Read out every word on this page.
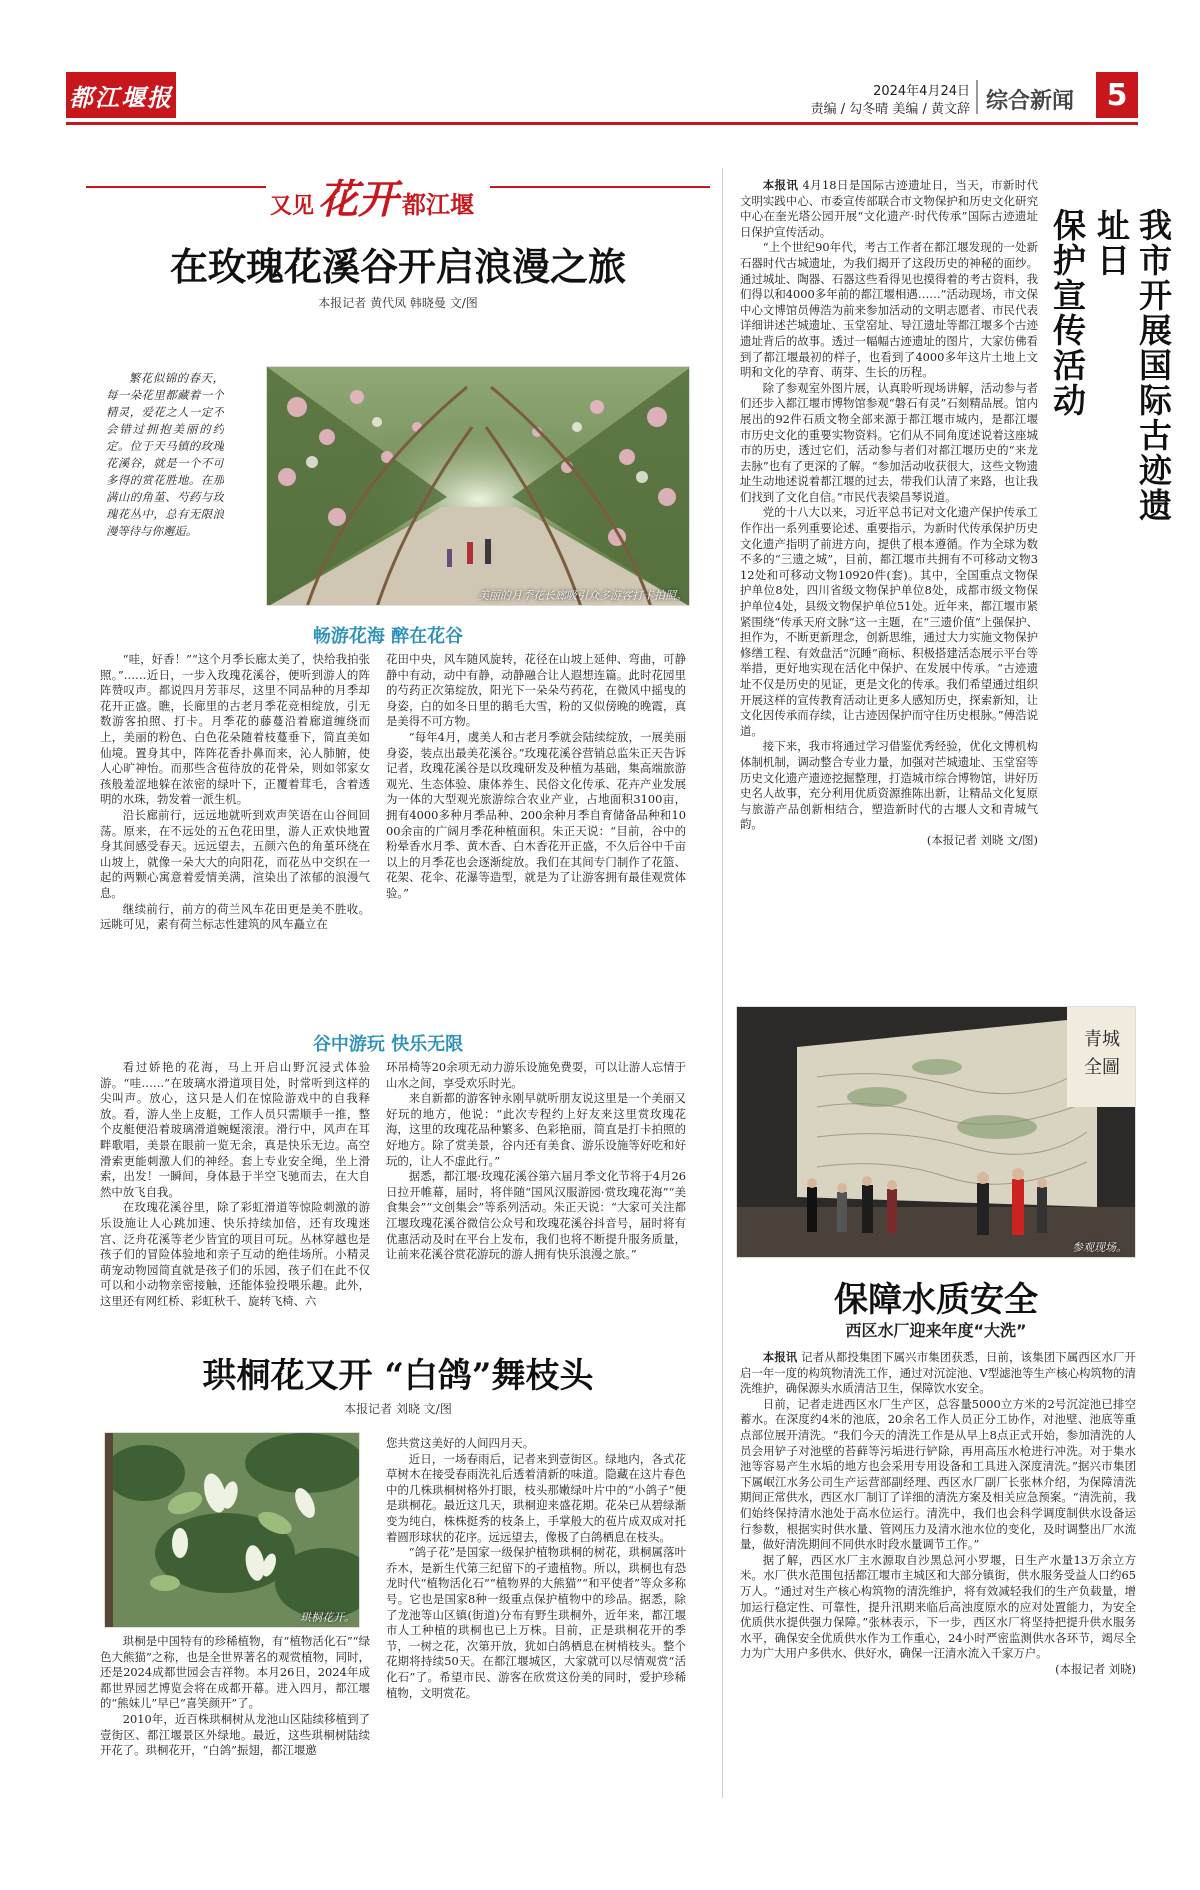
都江堰报	2024年4月24日
责编 / 勾冬晴 美编 / 黄文辞 综合新闻	5
又见 花开 都江堰
在玫瑰花溪谷开启浪漫之旅
本报记者 黄代凤 韩晓曼 文/图

繁花似锦的春天，每一朵花里都藏着一个精灵，爱花之人一定不会错过拥抱美丽的约定。位于天马镇的玫瑰花溪谷，就是一个不可多得的赏花胜地。在那满山的角堇、芍药与玫瑰花丛中，总有无限浪漫等待与你邂逅。

美丽的月季花长廊吸引众多游客打卡拍照。
畅游花海 醉在花谷

“哇，好香！”“这个月季长廊太美了，快给我拍张照。”……近日，一步入玫瑰花溪谷，便听到游人的阵阵赞叹声。都说四月芳菲尽，这里不同品种的月季却花开正盛。瞧，长廊里的古老月季花竞相绽放，引无数游客拍照、打卡。月季花的藤蔓沿着廊道缠绕而上，美丽的粉色、白色花朵随着枝蔓垂下，简直美如仙境。置身其中，阵阵花香扑鼻而来，沁人肺腑，使人心旷神怡。而那些含苞待放的花骨朵，则如邻家女孩般羞涩地躲在浓密的绿叶下，正覆着茸毛，含着透明的水珠，勃发着一派生机。

沿长廊前行，远远地就听到欢声笑语在山谷间回荡。原来，在不远处的五色花田里，游人正欢快地置身其间感受春天。远远望去，五颜六色的角堇环绕在山坡上，就像一朵大大的向阳花，而花丛中交织在一起的两颗心寓意着爱情美满，渲染出了浓郁的浪漫气息。

继续前行，前方的荷兰风车花田更是美不胜收。远眺可见，素有荷兰标志性建筑的风车矗立在

花田中央，风车随风旋转，花径在山坡上延伸、弯曲，可静静中有动，动中有静，动静融合让人遐想连篇。此时花园里的芍药正次第绽放，阳光下一朵朵芍药花，在微风中摇曳的身姿，白的如冬日里的鹅毛大雪，粉的又似傍晚的晚霞，真是美得不可方物。

“每年4月，虞美人和古老月季就会陆续绽放，一展美丽身姿，装点出最美花溪谷。”玫瑰花溪谷营销总监朱正天告诉记者，玫瑰花溪谷是以玫瑰研发及种植为基础，集高端旅游观光、生态体验、康体养生、民俗文化传承、花卉产业发展为一体的大型观光旅游综合农业产业，占地面积3100亩，拥有4000多种月季品种、200余种月季自育储备品种和1000余亩的广阔月季花种植面积。朱正天说：“目前，谷中的粉晕香水月季、黄木香、白木香花开正盛，不久后谷中千亩以上的月季花也会逐渐绽放。我们在其间专门制作了花篮、花架、花伞、花瀑等造型，就是为了让游客拥有最佳观赏体验。”

谷中游玩 快乐无限

看过娇艳的花海，马上开启山野沉浸式体验游。“哇……”在玻璃水滑道项目处，时常听到这样的尖叫声。放心，这只是人们在惊险游戏中的自我释放。看，游人坐上皮艇，工作人员只需顺手一推，整个皮艇便沿着玻璃滑道蜿蜒滚滚。滑行中，风声在耳畔歌唱，美景在眼前一览无余，真是快乐无边。高空滑索更能刺激人们的神经。套上专业安全绳，坐上滑索，出发！一瞬间，身体悬于半空飞驰而去，在大自然中放飞自我。

在玫瑰花溪谷里，除了彩虹滑道等惊险刺激的游乐设施让人心跳加速、快乐持续加倍，还有玫瑰迷宫、泛舟花溪等老少皆宜的项目可玩。丛林穿越也是孩子们的冒险体验地和亲子互动的绝佳场所。小精灵萌宠动物园简直就是孩子们的乐园，孩子们在此不仅可以和小动物亲密接触，还能体验投喂乐趣。此外，这里还有网红桥、彩虹秋千、旋转飞椅、六

环吊椅等20余项无动力游乐设施免费耍，可以让游人忘情于山水之间，享受欢乐时光。

来自新都的游客钟永刚早就听朋友说这里是一个美丽又好玩的地方，他说：“此次专程约上好友来这里赏玫瑰花海，这里的玫瑰花品种繁多、色彩艳丽，简直是打卡拍照的好地方。除了赏美景，谷内还有美食、游乐设施等好吃和好玩的，让人不虚此行。”

据悉，都江堰·玫瑰花溪谷第六届月季文化节将于4月26日拉开帷幕，届时，将伴随“国风汉服游园·赏玫瑰花海”“美食集会”“文创集会”等系列活动。朱正天说：“大家可关注都江堰玫瑰花溪谷微信公众号和玫瑰花溪谷抖音号，届时将有优惠活动及时在平台上发布，我们也将不断提升服务质量，让前来花溪谷赏花游玩的游人拥有快乐浪漫之旅。”

珙桐花又开 “白鸽”舞枝头
本报记者 刘晓 文/图
珙桐花开。

珙桐是中国特有的珍稀植物，有“植物活化石”“绿色大熊猫”之称，也是全世界著名的观赏植物，同时，还是2024成都世园会吉祥物。本月26日，2024年成都世界园艺博览会将在成都开幕。进入四月，都江堰的“熊妹儿”早已“喜笑颜开”了。

2010年，近百株珙桐树从龙池山区陆续移植到了壹街区、都江堰景区外绿地。最近，这些珙桐树陆续开花了。珙桐花开，“白鸽”振翅，都江堰邀

您共赏这美好的人间四月天。

近日，一场春雨后，记者来到壹街区。绿地内，各式花草树木在接受春雨洗礼后透着清新的味道。隐藏在这片春色中的几株珙桐树格外打眼，枝头那嫩绿叶片中的“小鸽子”便是珙桐花。最近这几天，珙桐迎来盛花期。花朵已从碧绿渐变为纯白，株株挺秀的枝条上，手掌般大的苞片成双成对托着圆形球状的花序。远远望去，像极了白鸽栖息在枝头。

“鸽子花”是国家一级保护植物珙桐的树花，珙桐属落叶乔木，是新生代第三纪留下的孑遗植物。所以，珙桐也有恐龙时代“植物活化石”“植物界的大熊猫”“和平使者”等众多称号。它也是国家8种一级重点保护植物中的珍品。据悉，除了龙池等山区镇(街道)分布有野生珙桐外，近年来，都江堰市人工种植的珙桐也已上万株。目前，正是珙桐花开的季节，一树之花，次第开放，犹如白鸽栖息在树梢枝头。整个花期将持续50天。在都江堰城区，大家就可以尽情观赏“活化石”了。希望市民、游客在欣赏这份美的同时，爱护珍稀植物，文明赏花。

本报讯 4月18日是国际古迹遗址日，当天，市新时代文明实践中心、市委宣传部联合市文物保护和历史文化研究中心在奎光塔公园开展“文化遗产·时代传承”国际古迹遗址日保护宣传活动。

“上个世纪90年代，考古工作者在都江堰发现的一处新石器时代古城遗址，为我们揭开了这段历史的神秘的面纱。通过城址、陶器、石器这些看得见也摸得着的考古资料，我们得以和4000多年前的都江堰相遇……”活动现场，市文保中心文博馆员傅浩为前来参加活动的文明志愿者、市民代表详细讲述芒城遗址、玉堂窑址、导江遗址等都江堰多个古迹遗址背后的故事。透过一幅幅古迹遗址的图片，大家仿佛看到了都江堰最初的样子，也看到了4000多年这片土地上文明和文化的孕育、萌芽、生长的历程。

除了参观室外图片展，认真聆听现场讲解，活动参与者们还步入都江堰市博物馆参观“磐石有灵”石刻精品展。馆内展出的92件石质文物全部来源于都江堰市城内，是都江堰市历史文化的重要实物资料。它们从不同角度述说着这座城市的历史，透过它们，活动参与者们对都江堰历史的“来龙去脉”也有了更深的了解。“参加活动收获很大，这些文物遗址生动地述说着都江堰的过去，带我们认清了来路，也让我们找到了文化自信。”市民代表梁昌琴说道。

党的十八大以来，习近平总书记对文化遗产保护传承工作作出一系列重要论述、重要指示，为新时代传承保护历史文化遗产指明了前进方向，提供了根本遵循。作为全球为数不多的“三遗之城”，目前，都江堰市共拥有不可移动文物312处和可移动文物10920件(套)。其中，全国重点文物保护单位8处，四川省级文物保护单位8处，成都市级文物保护单位4处，县级文物保护单位51处。近年来，都江堰市紧紧围绕“传承天府文脉”这一主题，在“三遗价值”上强保护、担作为，不断更新理念，创新思维，通过大力实施文物保护修缮工程、有效盘活“沉睡”商标、积极搭建活态展示平台等举措，更好地实现在活化中保护、在发展中传承。“古迹遗址不仅是历史的见证，更是文化的传承。我们希望通过组织开展这样的宣传教育活动让更多人感知历史，探索新知，让文化因传承而存续，让古迹因保护而守住历史根脉。”傅浩说道。

接下来，我市将通过学习借鉴优秀经验，优化文博机构体制机制，调动整合专业力量，加强对芒城遗址、玉堂窑等历史文化遗产遗迹挖掘整理，打造城市综合博物馆，讲好历史名人故事，充分利用优质资源推陈出新，让精品文化复原与旅游产品创新相结合，塑造新时代的古堰人文和青城气韵。

(本报记者 刘晓 文/图)

我市开展国际古迹遗址日
保护宣传活动
青城
全圖
参观现场。
保障水质安全
西区水厂迎来年度“大洗”

本报讯 记者从都投集团下属兴市集团获悉，日前，该集团下属西区水厂开启一年一度的构筑物清洗工作，通过对沉淀池、V型滤池等生产核心构筑物的清洗维护，确保源头水质清洁卫生，保障饮水安全。

日前，记者走进西区水厂生产区，总容量5000立方米的2号沉淀池已排空蓄水。在深度约4米的池底，20余名工作人员正分工协作，对池壁、池底等重点部位展开清洗。“我们今天的清洗工作是从早上8点正式开始，参加清洗的人员会用铲子对池壁的苔藓等污垢进行铲除，再用高压水枪进行冲洗。对于集水池等容易产生水垢的地方也会采用专用设备和工具进入深度清洗。”据兴市集团下属岷江水务公司生产运营部副经理、西区水厂副厂长张林介绍，为保障清洗期间正常供水，西区水厂制订了详细的清洗方案及相关应急预案。“清洗前，我们始终保持清水池处于高水位运行。清洗中，我们也会科学调度制供水设备运行参数，根据实时供水量、管网压力及清水池水位的变化，及时调整出厂水流量，做好清洗期间不同供水时段水量调节工作。”

据了解，西区水厂主水源取自沙黑总河小罗堰，日生产水量13万余立方米。水厂供水范围包括都江堰市主城区和大部分镇街，供水服务受益人口约65万人。“通过对生产核心构筑物的清洗维护，将有效减轻我们的生产负载量，增加运行稳定性、可靠性，提升汛期来临后高浊度原水的应对处置能力，为安全优质供水提供强力保障。”张林表示，下一步，西区水厂将坚持把提升供水服务水平，确保安全优质供水作为工作重心，24小时严密监测供水各环节，竭尽全力为广大用户多供水、供好水，确保一汪清水流入千家万户。

(本报记者 刘晓)
